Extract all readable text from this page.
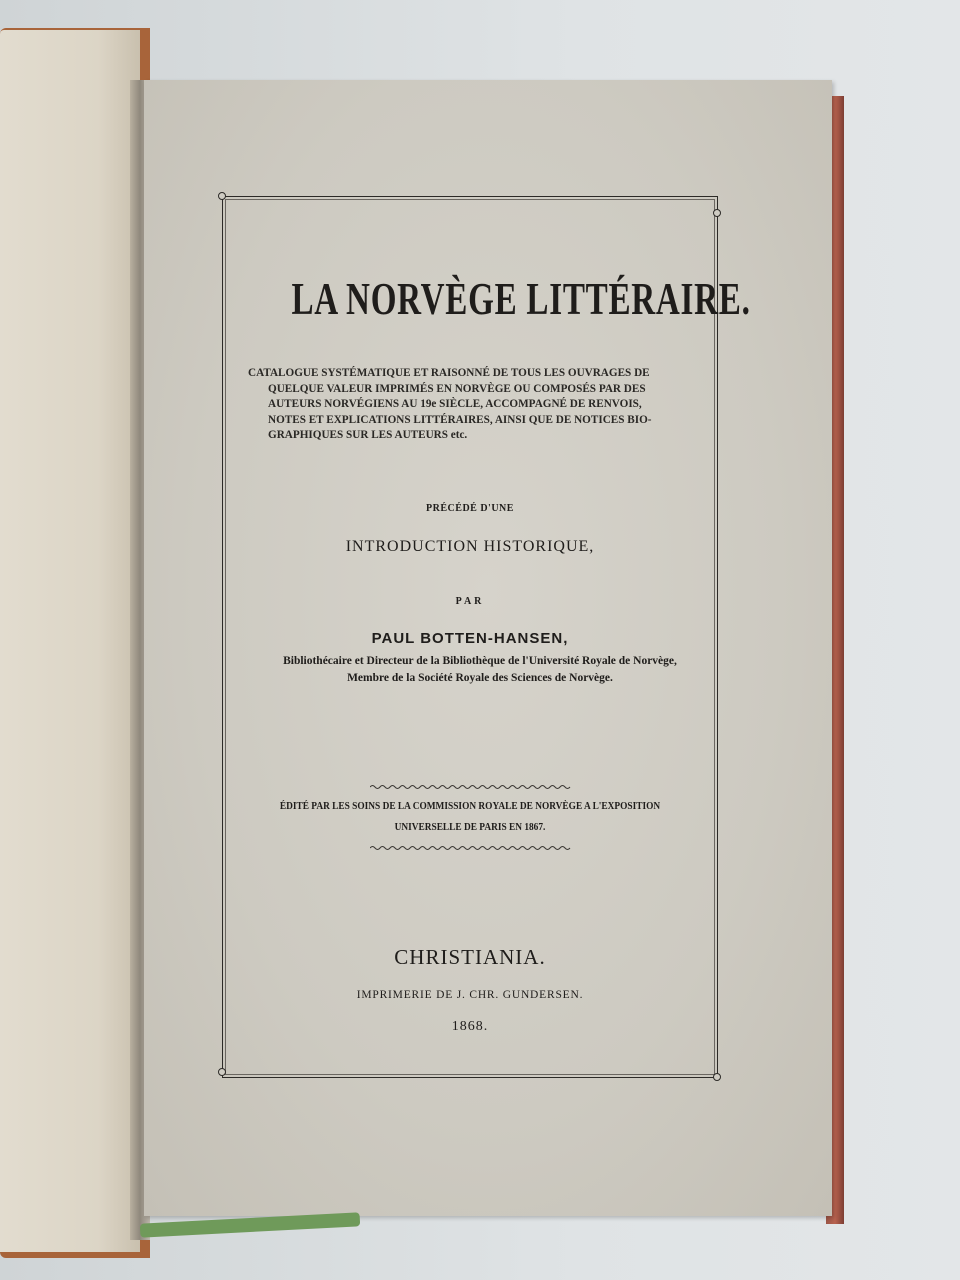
LA NORVÈGE LITTÉRAIRE.
CATALOGUE SYSTÉMATIQUE ET RAISONNÉ DE TOUS LES OUVRAGES DE
QUELQUE VALEUR IMPRIMÉS EN NORVÈGE OU COMPOSÉS PAR DES
AUTEURS NORVÉGIENS AU 19e SIÈCLE, ACCOMPAGNÉ DE RENVOIS,
NOTES ET EXPLICATIONS LITTÉRAIRES, AINSI QUE DE NOTICES BIO-
GRAPHIQUES SUR LES AUTEURS etc.
PRÉCÉDÉ D'UNE
INTRODUCTION HISTORIQUE,
PAR
PAUL BOTTEN-HANSEN,
Bibliothécaire et Directeur de la Bibliothèque de l'Université Royale de Norvège,
Membre de la Société Royale des Sciences de Norvège.
ÉDITÉ PAR LES SOINS DE LA COMMISSION ROYALE DE NORVÈGE A L'EXPOSITION
UNIVERSELLE DE PARIS EN 1867.
CHRISTIANIA.
IMPRIMERIE DE J. CHR. GUNDERSEN.
1868.
